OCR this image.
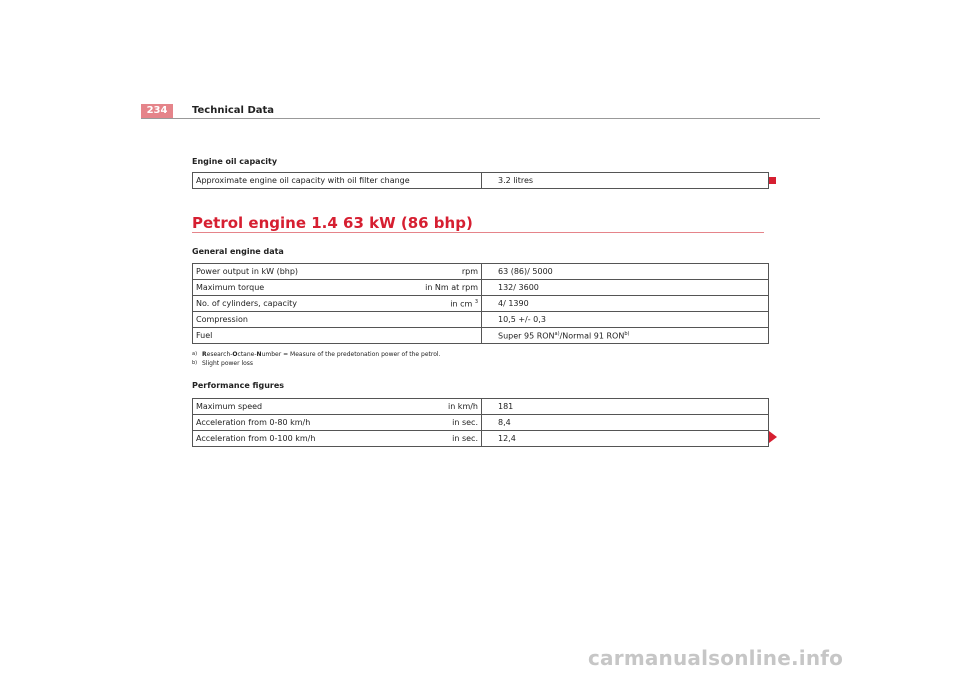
234	Technical Data
Engine oil capacity
Approximate engine oil capacity with oil filter change	3.2 litres
Petrol engine 1.4 63 kW (86 bhp)
General engine data
Power output in kW (bhp) rpm	63 (86)/ 5000
Maximum torque in Nm at rpm	132/ 3600
No. of cylinders, capacity in cm $^3$	4/ 1390
Compression	10,5 +/- 0,3
Fuel	Super 95 RON$^{a)}$/Normal 91 RON$^{b)}$
a) Research-Octane-Number = Measure of the predetonation power of the petrol.
b) Slight power loss
Performance figures
Maximum speed in km/h	181
Acceleration from 0-80 km/h in sec.	8,4
Acceleration from 0-100 km/h in sec.	12,4
carmanualsonline.info
